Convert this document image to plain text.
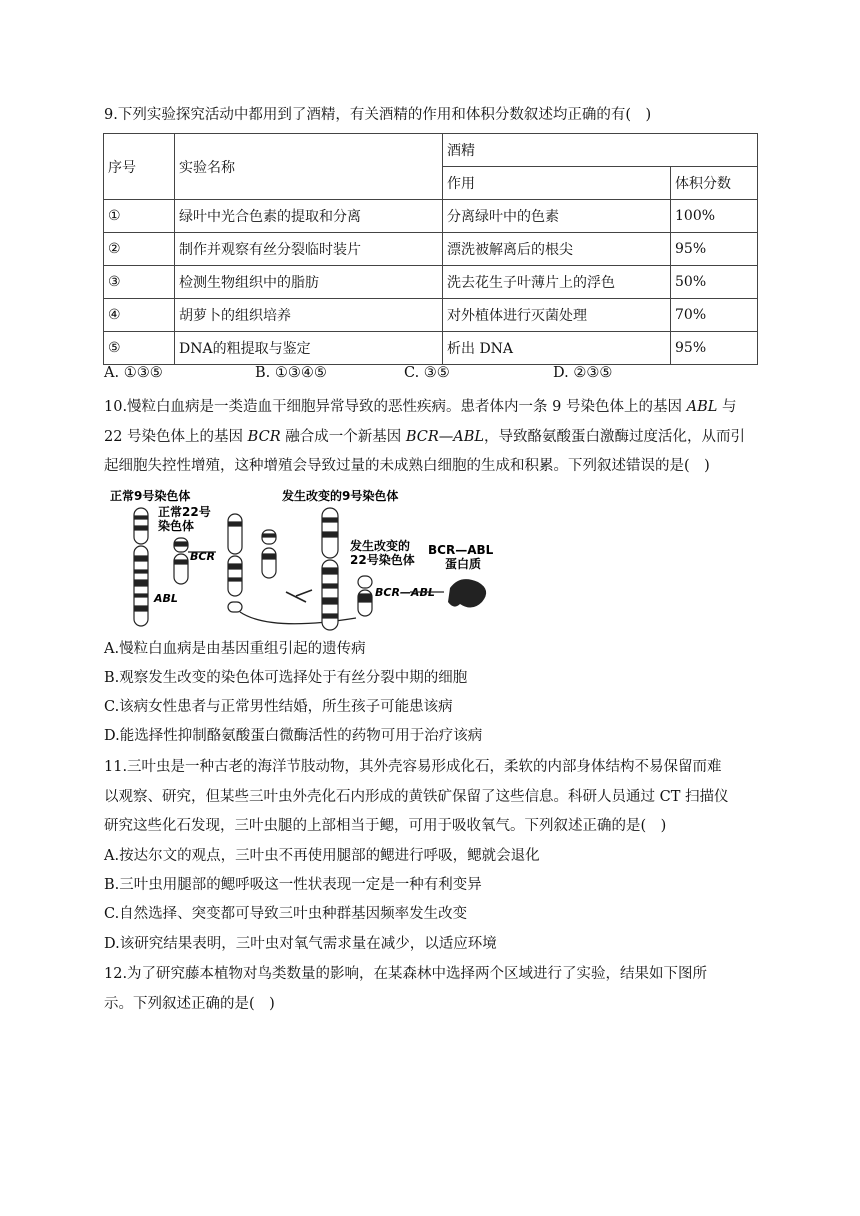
9.下列实验探究活动中都用到了酒精，有关酒精的作用和体积分数叙述均正确的有(　)
序号	实验名称	酒精	
		作用	体积分数
①	绿叶中光合色素的提取和分离	分离绿叶中的色素	100%
②	制作并观察有丝分裂临时装片	漂洗被解离后的根尖	95%
③	检测生物组织中的脂肪	洗去花生子叶薄片上的浮色	50%
④	胡萝卜的组织培养	对外植体进行灭菌处理	70%
⑤	DNA的粗提取与鉴定	析出 DNA	95%
A. ①③⑤	B. ①③④⑤	C. ③⑤	D. ②③⑤
10.慢粒白血病是一类造血干细胞异常导致的恶性疾病。患者体内一条 9 号染色体上的基因 ABL 与
22 号染色体上的基因 BCR 融合成一个新基因 BCR—ABL，导致酪氨酸蛋白激酶过度活化，从而引
起细胞失控性增殖，这种增殖会导致过量的未成熟白细胞的生成和积累。下列叙述错误的是(　)
正常9号染色体
正常22号
染色体
发生改变的9号染色体
发生改变的
22号染色体
BCR—ABL
蛋白质
BCR
ABL	BCR—ABL
A.慢粒白血病是由基因重组引起的遗传病
B.观察发生改变的染色体可选择处于有丝分裂中期的细胞
C.该病女性患者与正常男性结婚，所生孩子可能患该病
D.能选择性抑制酪氨酸蛋白微酶活性的药物可用于治疗该病
11.三叶虫是一种古老的海洋节肢动物，其外壳容易形成化石，柔软的内部身体结构不易保留而难
以观察、研究，但某些三叶虫外壳化石内形成的黄铁矿保留了这些信息。科研人员通过 CT 扫描仪
研究这些化石发现，三叶虫腿的上部相当于鳃，可用于吸收氧气。下列叙述正确的是(　)
A.按达尔文的观点，三叶虫不再使用腿部的鳃进行呼吸，鳃就会退化
B.三叶虫用腿部的鳃呼吸这一性状表现一定是一种有利变异
C.自然选择、突变都可导致三叶虫种群基因频率发生改变
D.该研究结果表明，三叶虫对氧气需求量在减少，以适应环境
12.为了研究藤本植物对鸟类数量的影响，在某森林中选择两个区域进行了实验，结果如下图所
示。下列叙述正确的是(　)
